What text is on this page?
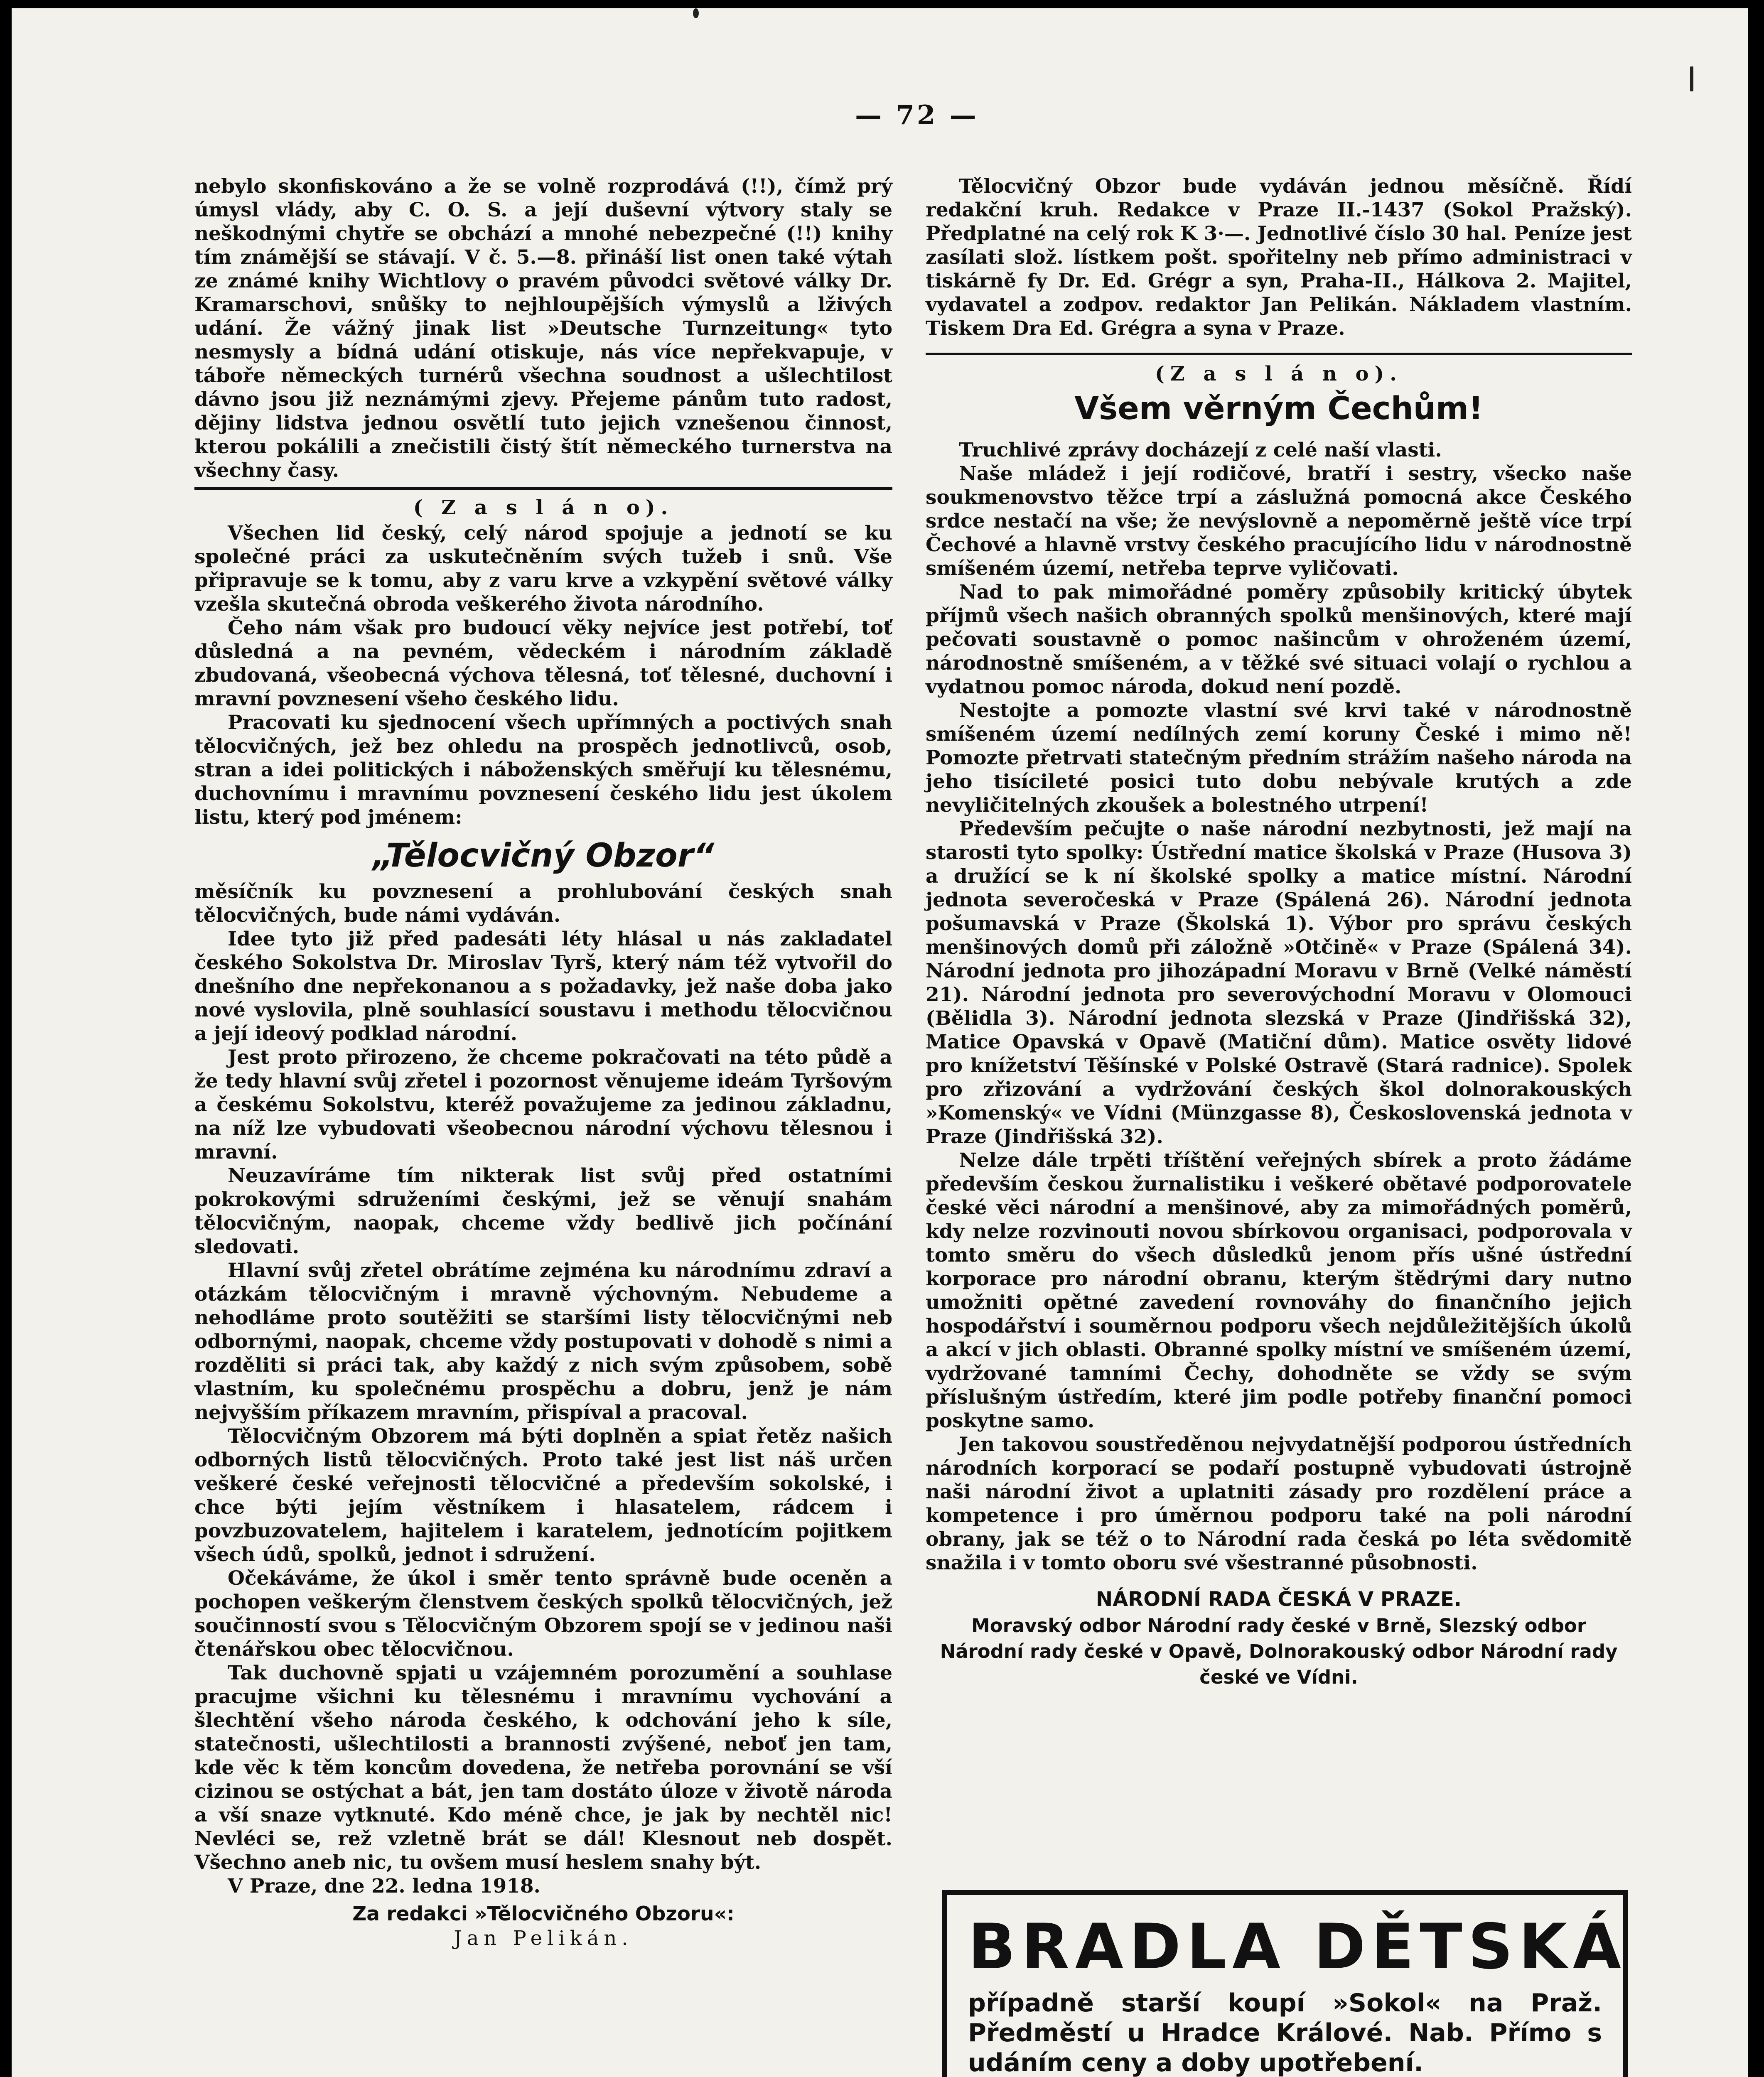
— 72 —

nebylo skonfiskováno a že se volně rozprodává (!!), čímž prý úmysl vlády, aby C. O. S. a její duševní výtvory staly se neškodnými chytře se obchází a mnohé nebezpečné (!!) knihy tím známější se stávají. V č. 5.—8. přináší list onen také výtah ze známé knihy Wichtlovy o pravém původci světové války Dr. Kramarschovi, snůšky to nejhloupějších výmyslů a lživých udání. Že vážný jinak list »Deutsche Turnzeitung« tyto nesmysly a bídná udání otiskuje, nás více nepřekvapuje, v táboře německých turnérů všechna soudnost a ušlechtilost dávno jsou již neznámými zjevy. Přejeme pánům tuto radost, dějiny lidstva jednou osvětlí tuto jejich vznešenou činnost, kterou pokálili a znečistili čistý štít německého turnerstva na všechny časy.

( Z a s l á n o).

Všechen lid český, celý národ spojuje a jednotí se ku společné práci za uskutečněním svých tužeb i snů. Vše připravuje se k tomu, aby z varu krve a vzkypění světové války vzešla skutečná obroda veškerého života národního.

Čeho nám však pro budoucí věky nejvíce jest potřebí, toť důsledná a na pevném, vědeckém i národním základě zbudovaná, všeobecná výchova tělesná, toť tělesné, duchovní i mravní povznesení všeho českého lidu.

Pracovati ku sjednocení všech upřímných a poctivých snah tělocvičných, jež bez ohledu na prospěch jednotlivců, osob, stran a idei politických i náboženských směřují ku tělesnému, duchovnímu i mravnímu povznesení českého lidu jest úkolem listu, který pod jménem:

„Tělocvičný Obzor“

měsíčník ku povznesení a prohlubování českých snah tělocvičných, bude námi vydáván.

Idee tyto již před padesáti léty hlásal u nás zakladatel českého Sokolstva Dr. Miroslav Tyrš, který nám též vytvořil do dnešního dne nepřekonanou a s požadavky, jež naše doba jako nové vyslovila, plně souhlasící soustavu i methodu tělocvičnou a její ideový podklad národní.

Jest proto přirozeno, že chceme pokračovati na této půdě a že tedy hlavní svůj zřetel i pozornost věnujeme ideám Tyršovým a českému Sokolstvu, kteréž považujeme za jedinou základnu, na níž lze vybudovati všeobecnou národní výchovu tělesnou i mravní.

Neuzavíráme tím nikterak list svůj před ostatními pokrokovými sdruženími českými, jež se věnují snahám tělocvičným, naopak, chceme vždy bedlivě jich počínání sledovati.

Hlavní svůj zřetel obrátíme zejména ku národnímu zdraví a otázkám tělocvičným i mravně výchovným. Nebudeme a nehodláme proto soutěžiti se staršími listy tělocvičnými neb odbornými, naopak, chceme vždy postupovati v dohodě s nimi a rozděliti si práci tak, aby každý z nich svým způsobem, sobě vlastním, ku společnému prospěchu a dobru, jenž je nám nejvyšším příkazem mravním, přispíval a pracoval.

Tělocvičným Obzorem má býti doplněn a spiat řetěz našich odborných listů tělocvičných. Proto také jest list náš určen veškeré české veřejnosti tělocvičné a především sokolské, i chce býti jejím věstníkem i hlasatelem, rádcem i povzbuzovatelem, hajitelem i karatelem, jednotícím pojitkem všech údů, spolků, jednot i sdružení.

Očekáváme, že úkol i směr tento správně bude oceněn a pochopen veškerým členstvem českých spolků tělocvičných, jež součinností svou s Tělocvičným Obzorem spojí se v jedinou naši čtenářskou obec tělocvičnou.

Tak duchovně spjati u vzájemném porozumění a souhlase pracujme všichni ku tělesnému i mravnímu vychování a šlechtění všeho národa českého, k odchování jeho k síle, statečnosti, ušlechtilosti a brannosti zvýšené, neboť jen tam, kde věc k těm koncům dovedena, že netřeba porovnání se vší cizinou se ostýchat a bát, jen tam dostáto úloze v životě národa a vší snaze vytknuté. Kdo méně chce, je jak by nechtěl nic! Nevléci se, rež vzletně brát se dál! Klesnout neb dospět. Všechno aneb nic, tu ovšem musí heslem snahy být.

V Praze, dne 22. ledna 1918.

Za redakci »Tělocvičného Obzoru«:
Jan Pelikán.

Tělocvičný Obzor bude vydáván jednou měsíčně. Řídí redakční kruh. Redakce v Praze II.-1437 (Sokol Pražský). Předplatné na celý rok K 3·—. Jednotlivé číslo 30 hal. Peníze jest zasílati slož. lístkem pošt. spořitelny neb přímo administraci v tiskárně fy Dr. Ed. Grégr a syn, Praha-II., Hálkova 2. Majitel, vydavatel a zodpov. redaktor Jan Pelikán. Nákladem vlastním. Tiskem Dra Ed. Grégra a syna v Praze.

(Z a s l á n o).
Všem věrným Čechům!

Truchlivé zprávy docházejí z celé naší vlasti.

Naše mládež i její rodičové, bratří i sestry, všecko naše soukmenovstvo těžce trpí a záslužná pomocná akce Českého srdce nestačí na vše; že nevýslovně a nepoměrně ještě více trpí Čechové a hlavně vrstvy českého pracujícího lidu v národnostně smíšeném území, netřeba teprve vyličovati.

Nad to pak mimořádné poměry způsobily kritický úbytek příjmů všech našich obranných spolků menšinových, které mají pečovati soustavně o pomoc našincům v ohroženém území, národnostně smíšeném, a v těžké své situaci volají o rychlou a vydatnou pomoc národa, dokud není pozdě.

Nestojte a pomozte vlastní své krvi také v národnostně smíšeném území nedílných zemí koruny České i mimo ně! Pomozte přetrvati statečným předním strážím našeho národa na jeho tisícileté posici tuto dobu nebývale krutých a zde nevyličitelných zkoušek a bolestného utrpení!

Především pečujte o naše národní nezbytnosti, jež mají na starosti tyto spolky: Ústřední matice školská v Praze (Husova 3) a družící se k ní školské spolky a matice místní. Národní jednota severočeská v Praze (Spálená 26). Národní jednota pošumavská v Praze (Školská 1). Výbor pro správu českých menšinových domů při záložně »Otčině« v Praze (Spálená 34). Národní jednota pro jihozápadní Moravu v Brně (Velké náměstí 21). Národní jednota pro severovýchodní Moravu v Olomouci (Bělidla 3). Národní jednota slezská v Praze (Jindřišská 32), Matice Opavská v Opavě (Matiční dům). Matice osvěty lidové pro knížetství Těšínské v Polské Ostravě (Stará radnice). Spolek pro zřizování a vydržování českých škol dolnorakouských »Komenský« ve Vídni (Münzgasse 8), Československá jednota v Praze (Jindřišská 32).

Nelze dále trpěti tříštění veřejných sbírek a proto žádáme především českou žurnalistiku i veškeré obětavé podporovatele české věci národní a menšinové, aby za mimořádných poměrů, kdy nelze rozvinouti novou sbírkovou organisaci, podporovala v tomto směru do všech důsledků jenom přís ušné ústřední korporace pro národní obranu, kterým štědrými dary nutno umožniti opětné zavedení rovnováhy do finančního jejich hospodářství i souměrnou podporu všech nejdůležitějších úkolů a akcí v jich oblasti. Obranné spolky místní ve smíšeném území, vydržované tamními Čechy, dohodněte se vždy se svým příslušným ústředím, které jim podle potřeby finanční pomoci poskytne samo.

Jen takovou soustředěnou nejvydatnější podporou ústředních národních korporací se podaří postupně vybudovati ústrojně naši národní život a uplatniti zásady pro rozdělení práce a kompetence i pro úměrnou podporu také na poli národní obrany, jak se též o to Národní rada česká po léta svědomitě snažila i v tomto oboru své všestranné působnosti.

NÁRODNÍ RADA ČESKÁ V PRAZE.
Moravský odbor Národní rady české v Brně, Slezský odbor Národní rady české v Opavě, Dolnorakouský odbor Národní rady české ve Vídni.
BRADLA DĚTSKÁ
případně starší koupí »Sokol« na Praž. Předměstí u Hradce Králové. Nab. Přímo s udáním ceny a doby upotřebení.
